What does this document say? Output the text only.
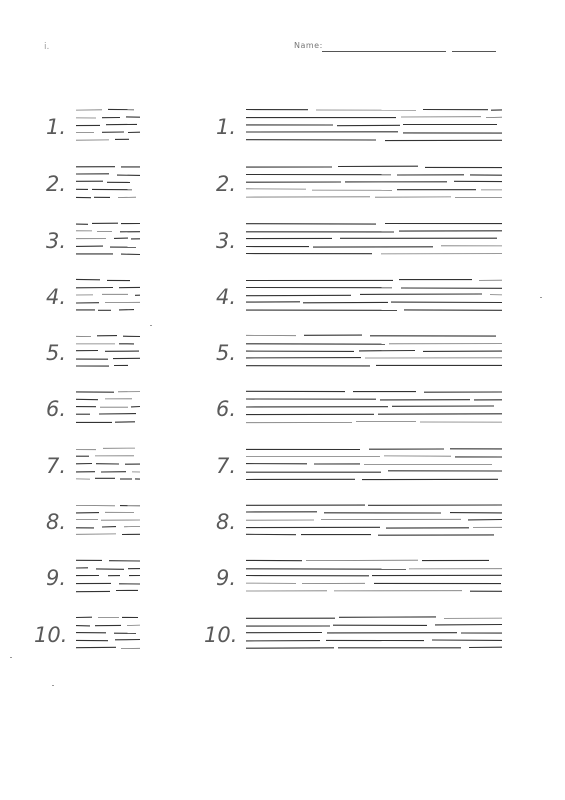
i.	Name:
1.
2.
3.
4.
5.
6.
7.
8.
9.
10.
1.
2.
3.
4.
5.
6.
7.
8.
9.
10.
